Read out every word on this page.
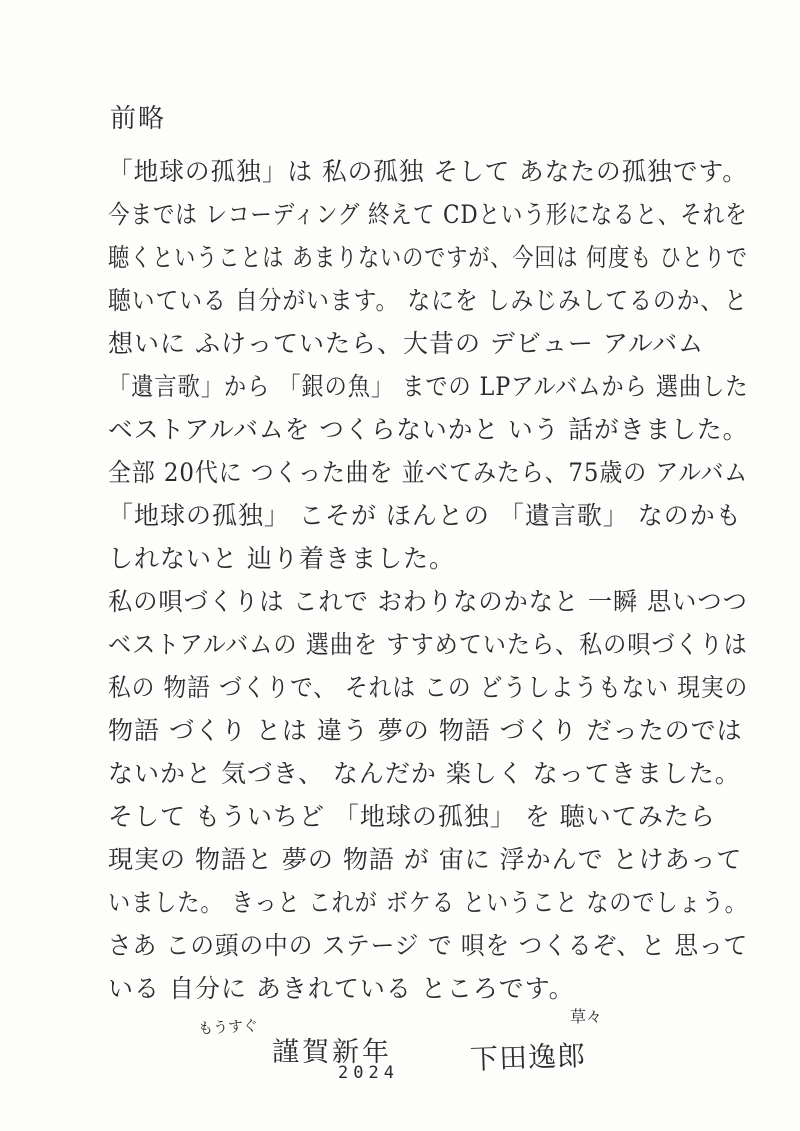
前略
「地球の孤独」は 私の孤独 そして あなたの孤独です。
今までは レコーディング 終えて CDという形になると、それを
聴くということは あまりないのですが、今回は 何度も ひとりで
聴いている 自分がいます。 なにを しみじみしてるのか、と
想いに ふけっていたら、大昔の デビュー アルバム
「遺言歌」から 「銀の魚」 までの LPアルバムから 選曲した
ベストアルバムを つくらないかと いう 話がきました。
全部 20代に つくった曲を 並べてみたら、75歳の アルバム
「地球の孤独」 こそが ほんとの 「遺言歌」 なのかも
しれないと 辿り着きました。
私の唄づくりは これで おわりなのかなと 一瞬 思いつつ
ベストアルバムの 選曲を すすめていたら、私の唄づくりは
私の 物語 づくりで、 それは この どうしようもない 現実の
物語 づくり とは 違う 夢の 物語 づくり だったのでは
ないかと 気づき、 なんだか 楽しく なってきました。
そして もういちど 「地球の孤独」 を 聴いてみたら
現実の 物語と 夢の 物語 が 宙に 浮かんで とけあって
いました。 きっと これが ボケる ということ なのでしょう。
さあ この頭の中の ステージ で 唄を つくるぞ、と 思って
いる 自分に あきれている ところです。
もうすぐ
謹賀新年
2024	下田逸郎
草々
